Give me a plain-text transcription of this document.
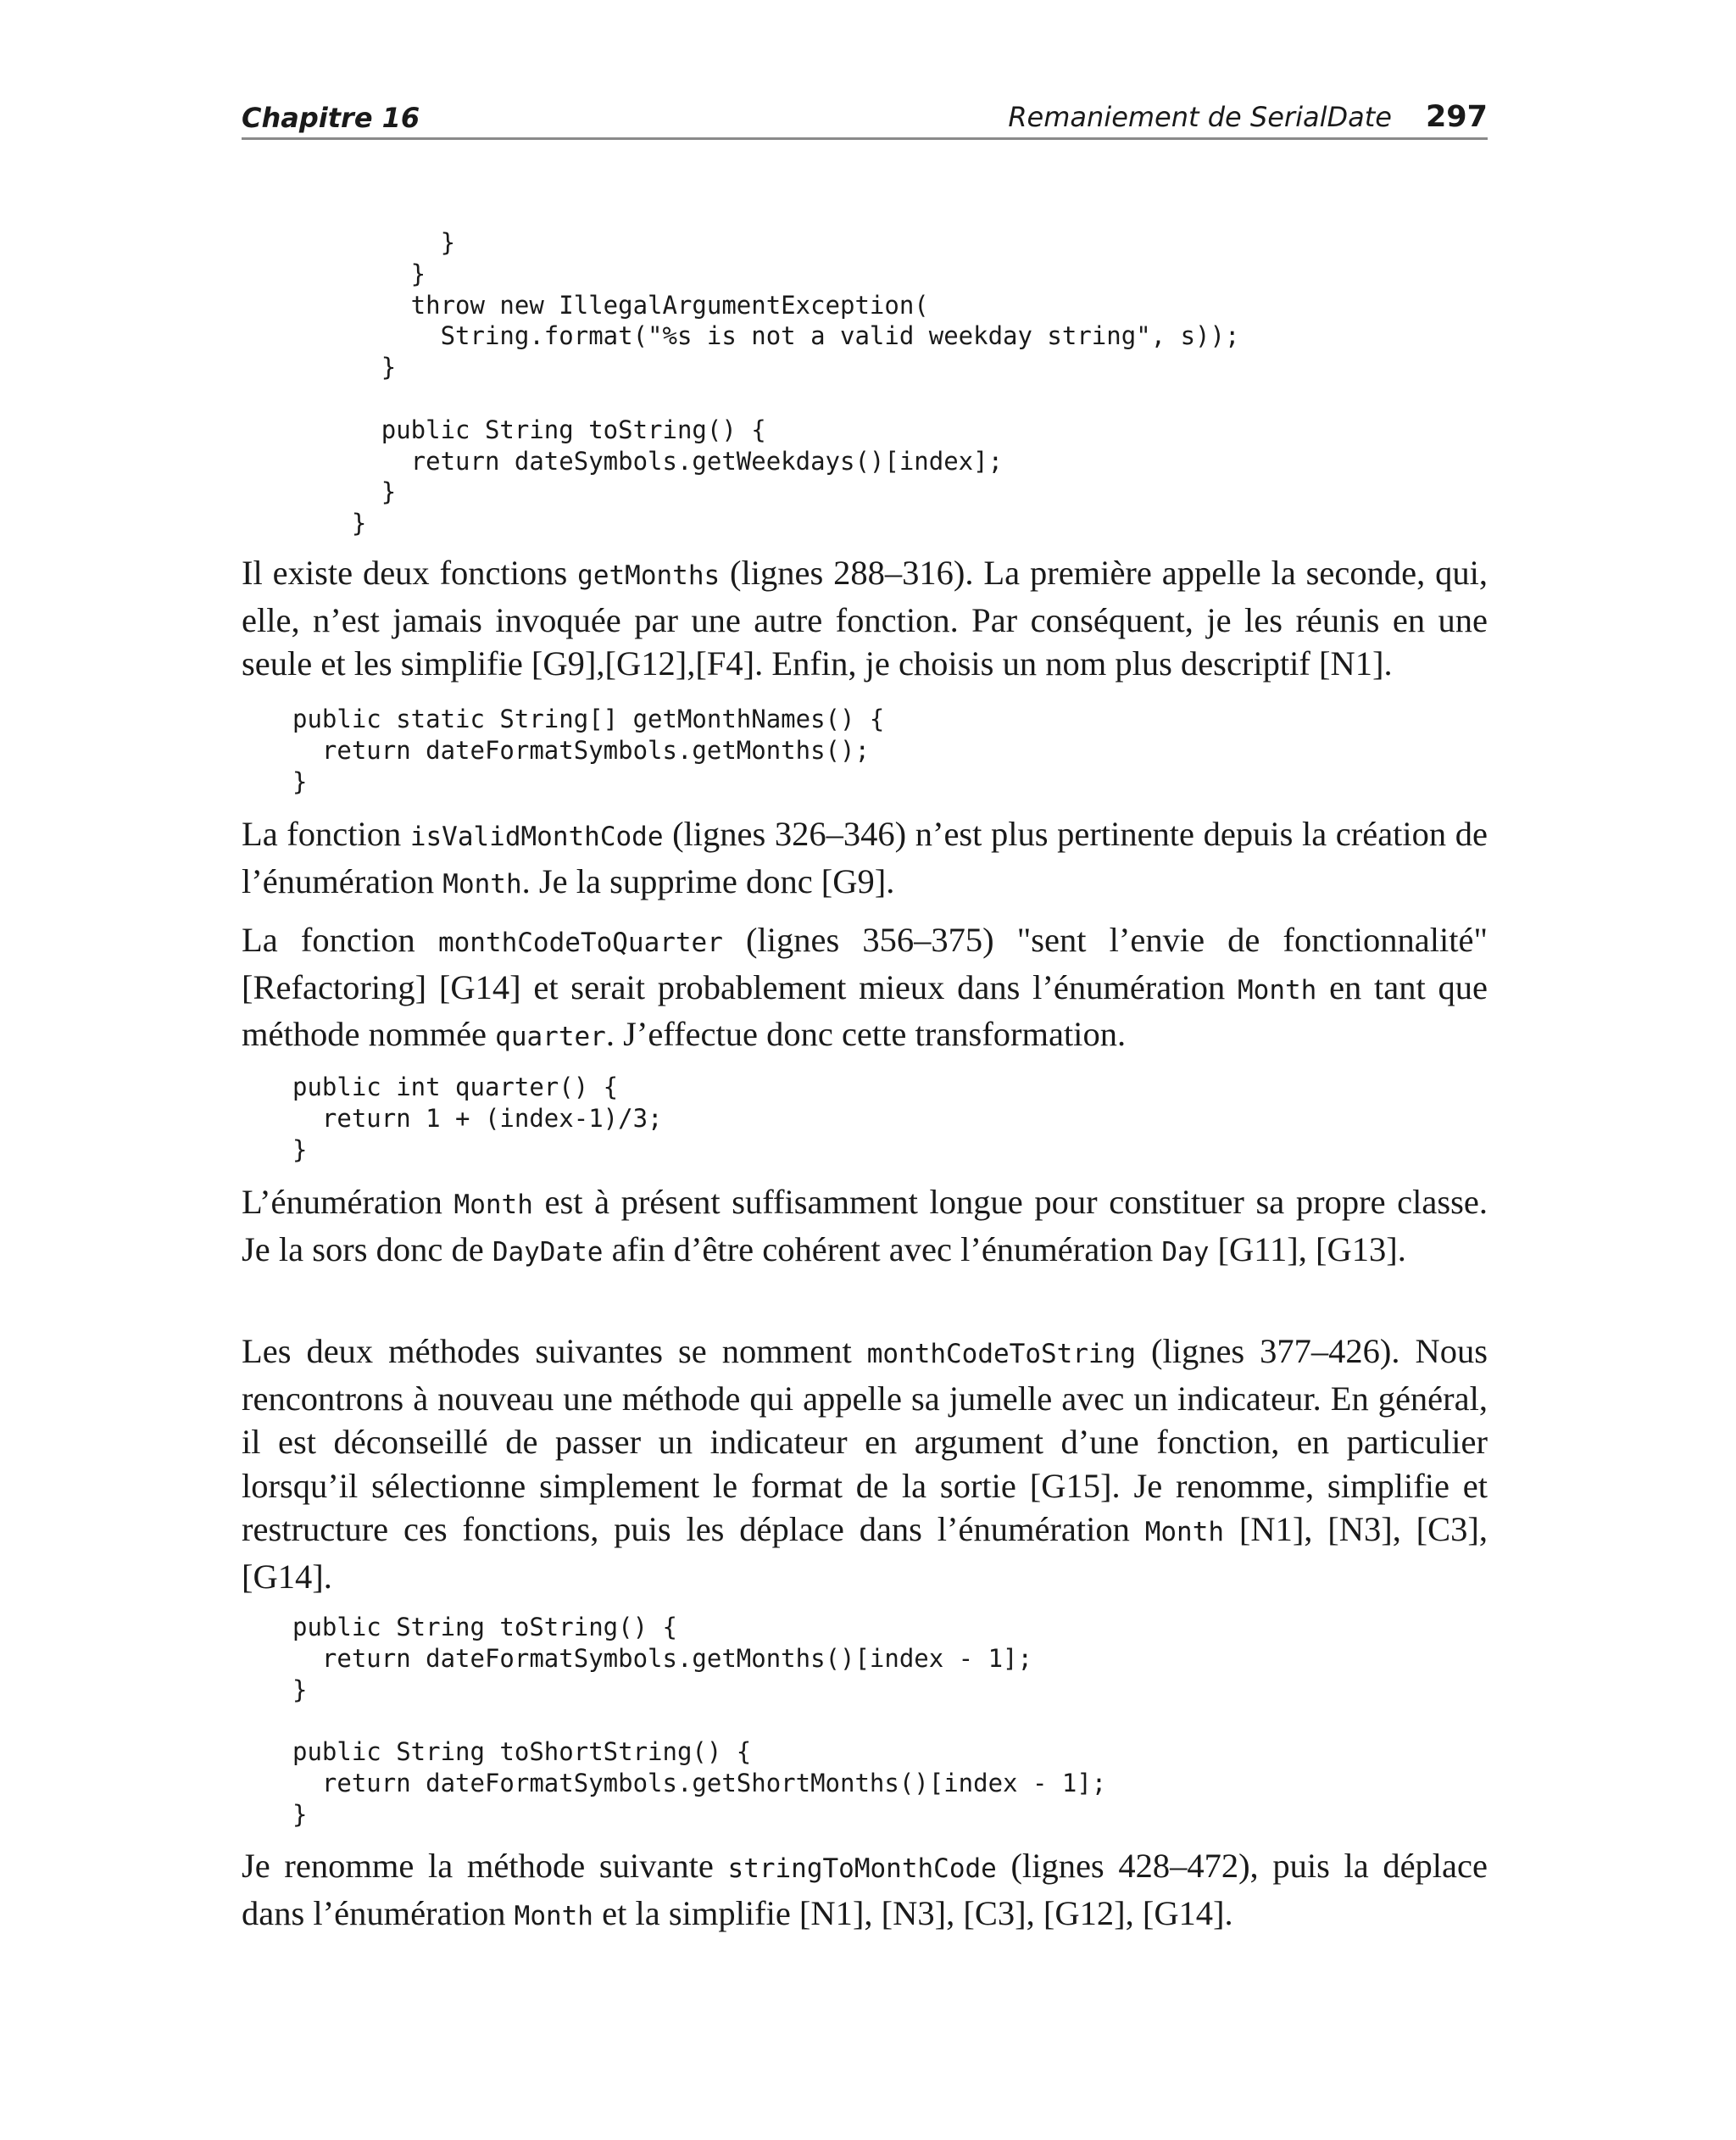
Chapitre 16	Remaniement de SerialDate 297
}
}
throw new IllegalArgumentException(
String.format("%s is not a valid weekday string", s));
}

public String toString() {
return dateSymbols.getWeekdays()[index];
}
}

Il existe deux fonctions getMonths (lignes 288–316). La première appelle la seconde, qui, elle, n’est jamais invoquée par une autre fonction. Par conséquent, je les réunis en une seule et les simplifie [G9],[G12],[F4]. Enfin, je choisis un nom plus descriptif [N1].

public static String[] getMonthNames() {
return dateFormatSymbols.getMonths();
}

La fonction isValidMonthCode (lignes 326–346) n’est plus pertinente depuis la création de l’énumération Month. Je la supprime donc [G9].

La fonction monthCodeToQuarter (lignes 356–375) "sent l’envie de fonctionnalité" [Refactoring] [G14] et serait probablement mieux dans l’énumération Month en tant que méthode nommée quarter. J’effectue donc cette transformation.

public int quarter() {
return 1 + (index-1)/3;
}

L’énumération Month est à présent suffisamment longue pour constituer sa propre classe. Je la sors donc de DayDate afin d’être cohérent avec l’énumération Day [G11], [G13].

Les deux méthodes suivantes se nomment monthCodeToString (lignes 377–426). Nous rencontrons à nouveau une méthode qui appelle sa jumelle avec un indicateur. En général, il est déconseillé de passer un indicateur en argument d’une fonction, en particulier lorsqu’il sélectionne simplement le format de la sortie [G15]. Je renomme, simplifie et restructure ces fonctions, puis les déplace dans l’énumération Month [N1], [N3], [C3], [G14].

public String toString() {
return dateFormatSymbols.getMonths()[index - 1];
}

public String toShortString() {
return dateFormatSymbols.getShortMonths()[index - 1];
}

Je renomme la méthode suivante stringToMonthCode (lignes 428–472), puis la déplace dans l’énumération Month et la simplifie [N1], [N3], [C3], [G12], [G14].
